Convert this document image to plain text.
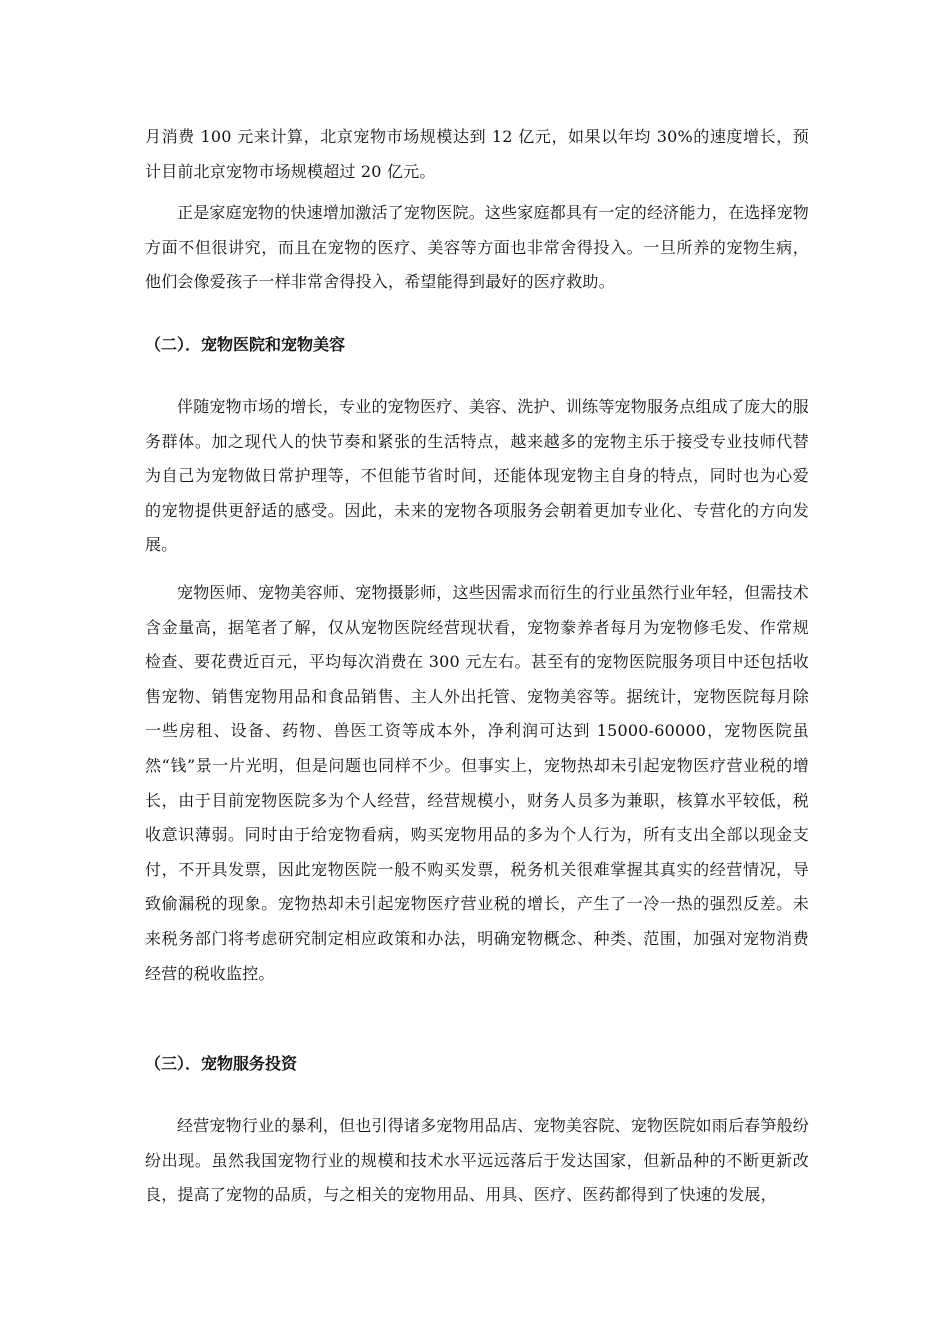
月消费 100 元来计算，北京宠物市场规模达到 12 亿元，如果以年均 30%的速度增长，预计目前北京宠物市场规模超过 20 亿元。

正是家庭宠物的快速增加激活了宠物医院。这些家庭都具有一定的经济能力，在选择宠物方面不但很讲究，而且在宠物的医疗、美容等方面也非常舍得投入。一旦所养的宠物生病，他们会像爱孩子一样非常舍得投入，希望能得到最好的医疗救助。

（二）．宠物医院和宠物美容

伴随宠物市场的增长，专业的宠物医疗、美容、洗护、训练等宠物服务点组成了庞大的服务群体。加之现代人的快节奏和紧张的生活特点，越来越多的宠物主乐于接受专业技师代替为自己为宠物做日常护理等，不但能节省时间，还能体现宠物主自身的特点，同时也为心爱的宠物提供更舒适的感受。因此，未来的宠物各项服务会朝着更加专业化、专营化的方向发展。

宠物医师、宠物美容师、宠物摄影师，这些因需求而衍生的行业虽然行业年轻，但需技术含金量高，据笔者了解，仅从宠物医院经营现状看，宠物豢养者每月为宠物修毛发、作常规检查、要花费近百元，平均每次消费在 300 元左右。甚至有的宠物医院服务项目中还包括收售宠物、销售宠物用品和食品销售、主人外出托管、宠物美容等。据统计，宠物医院每月除一些房租、设备、药物、兽医工资等成本外，净利润可达到 15000-60000，宠物医院虽然“钱”景一片光明，但是问题也同样不少。但事实上，宠物热却未引起宠物医疗营业税的增长，由于目前宠物医院多为个人经营，经营规模小，财务人员多为兼职，核算水平较低，税收意识薄弱。同时由于给宠物看病，购买宠物用品的多为个人行为，所有支出全部以现金支付，不开具发票，因此宠物医院一般不购买发票，税务机关很难掌握其真实的经营情况，导致偷漏税的现象。宠物热却未引起宠物医疗营业税的增长，产生了一冷一热的强烈反差。未来税务部门将考虑研究制定相应政策和办法，明确宠物概念、种类、范围，加强对宠物消费经营的税收监控。

（三）．宠物服务投资

经营宠物行业的暴利，但也引得诸多宠物用品店、宠物美容院、宠物医院如雨后春笋般纷纷出现。虽然我国宠物行业的规模和技术水平远远落后于发达国家，但新品种的不断更新改良，提高了宠物的品质，与之相关的宠物用品、用具、医疗、医药都得到了快速的发展，
